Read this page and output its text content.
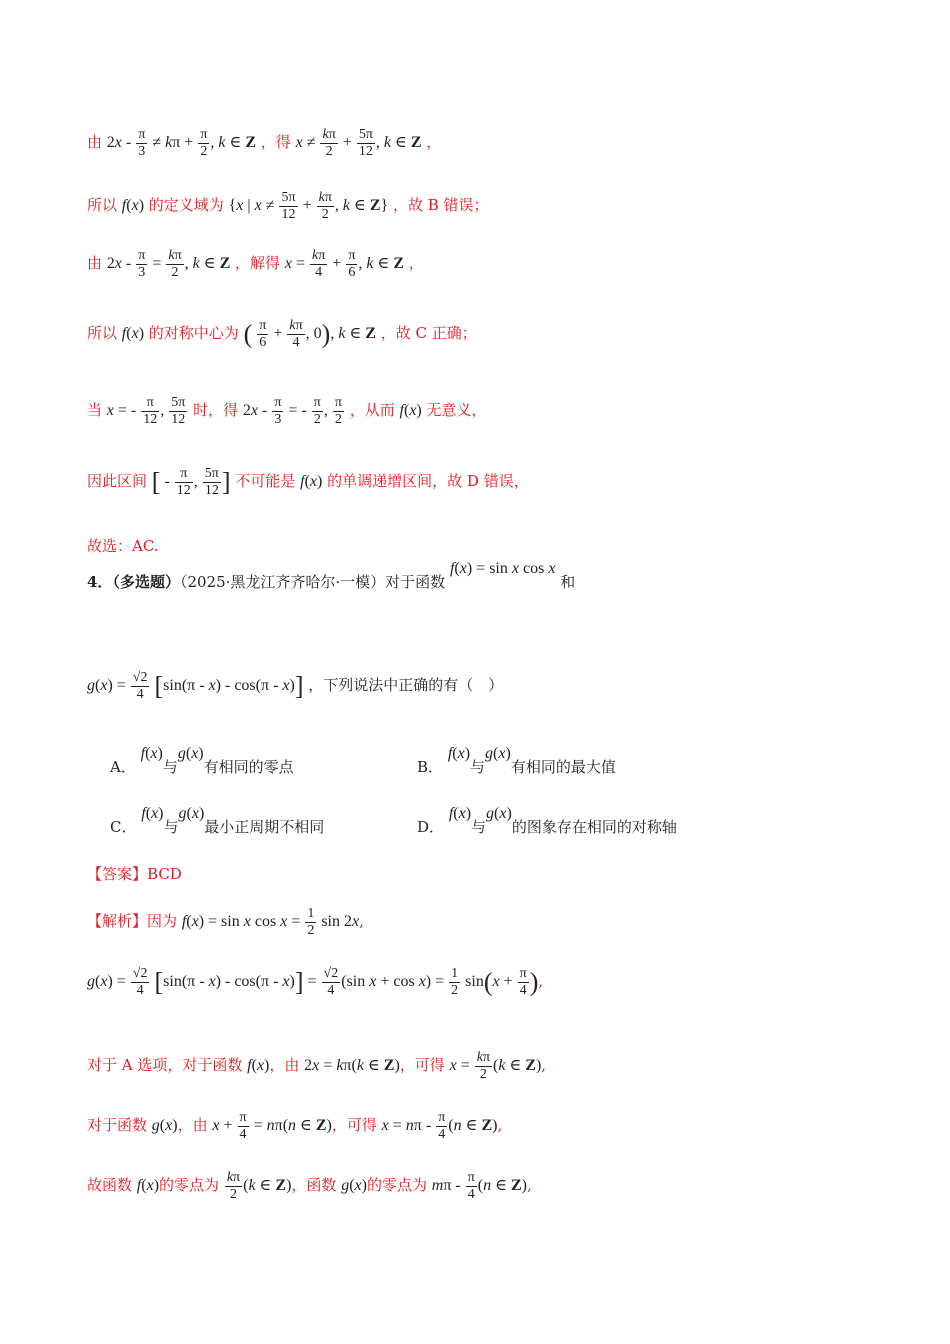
由 $2x - \frac{\pi}{3} \ne k\pi + \frac{\pi}{2}$ , k ∈ Z ，得 $x \ne \frac{k\pi}{2} + \frac{5\pi}{12}$ , k ∈ Z ，
所以 f(x) 的定义域为 {x | $x \ne \frac{5\pi}{12} + \frac{k\pi}{2}$ , k ∈ Z} ，故 B 错误；
由 $2x - \frac{\pi}{3} = \frac{k\pi}{2}$ , k ∈ Z ，解得 $x = \frac{k\pi}{4} + \frac{\pi}{6}$ , k ∈ Z ，
所以 f(x) 的对称中心为 ( $\frac{\pi}{6} + \frac{k\pi}{4}$ , 0), k ∈ Z ，故 C 正确；
当 x = - $\frac{\pi}{12}$ , $\frac{5\pi}{12}$ 时，得 $2x - \frac{\pi}{3}$ = - $\frac{\pi}{2}$ , $\frac{\pi}{2}$ ，从而 f(x) 无意义，
因此区间 [ - $\frac{\pi}{12}$ , $\frac{5\pi}{12}$ ] 不可能是 f(x) 的单调递增区间，故 D 错误，
故选：AC.
4．（多选题）（2025·黑龙江齐齐哈尔·一模）对于函数 f(x) = sin x cos x 和
$g(x) = \frac{√2}{4} [\sin(\pi - x) - \cos(\pi - x)]$ ，下列说法中正确的有（　）
A． f(x)与g(x)有相同的零点	B． f(x)与g(x)有相同的最大值
C． f(x)与g(x)最小正周期不相同	D． f(x)与g(x)的图象存在相同的对称轴
【答案】BCD
【解析】因为 f(x) = sin x $\cos x = \frac{1}{2}$ sin 2x,
$g(x) = \frac{√2}{4} [\sin(\pi - x) - \cos(\pi - x)] = \frac{√2}{4} (\sin$ $x + \cos x) = \frac{1}{2} \sin(x + \frac{\pi}{4}$ ),
对于 A 选项，对于函数 f(x)，由 2x = kπ(k ∈ Z)，可得 $x = \frac{k\pi}{2} (k$ ∈ Z),
对于函数 g(x)，由 $x + \frac{\pi}{4} = n\pi(n$ ∈ Z)，可得 $x = n\pi - \frac{\pi}{4} (n$ ∈ Z),
故函数 f(x)的零点为 $\frac{k\pi}{2} (k$ ∈ Z)，函数 g(x)的零点为 mπ - $\frac{\pi}{4} (n$ ∈ Z),
